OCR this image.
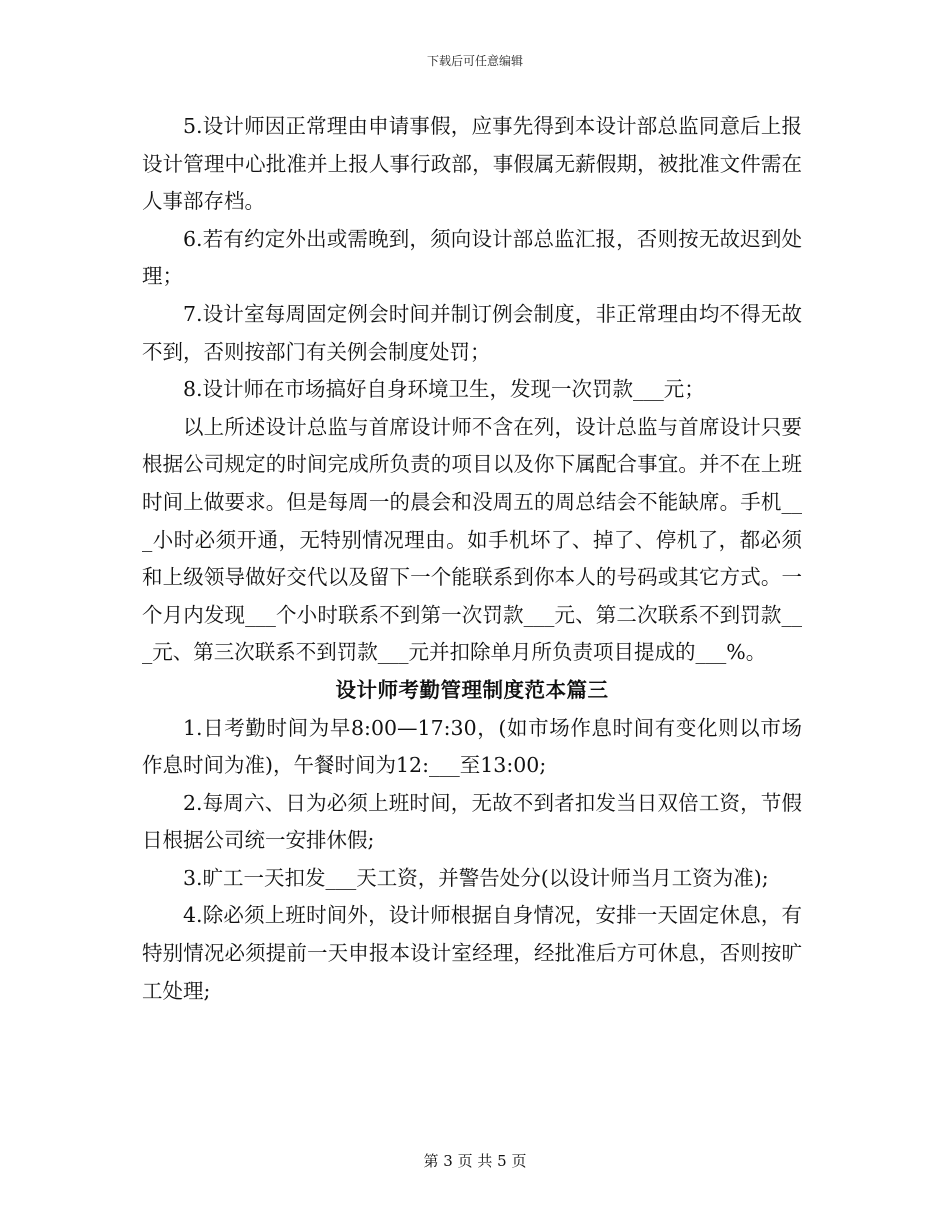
下载后可任意编辑

5.设计师因正常理由申请事假，应事先得到本设计部总监同意后上报设计管理中心批准并上报人事行政部，事假属无薪假期，被批准文件需在人事部存档。

6.若有约定外出或需晚到，须向设计部总监汇报，否则按无故迟到处理；

7.设计室每周固定例会时间并制订例会制度，非正常理由均不得无故不到，否则按部门有关例会制度处罚；

8.设计师在市场搞好自身环境卫生，发现一次罚款___元；

以上所述设计总监与首席设计师不含在列，设计总监与首席设计只要根据公司规定的时间完成所负责的项目以及你下属配合事宜。并不在上班时间上做要求。但是每周一的晨会和没周五的周总结会不能缺席。手机___小时必须开通，无特别情况理由。如手机坏了、掉了、停机了，都必须和上级领导做好交代以及留下一个能联系到你本人的号码或其它方式。一个月内发现___个小时联系不到第一次罚款___元、第二次联系不到罚款___元、第三次联系不到罚款___元并扣除单月所负责项目提成的___%。

设计师考勤管理制度范本篇三

1.日考勤时间为早8:00—17:30，(如市场作息时间有变化则以市场作息时间为准)，午餐时间为12:___至13:00;

2.每周六、日为必须上班时间，无故不到者扣发当日双倍工资，节假日根据公司统一安排休假;

3.旷工一天扣发___天工资，并警告处分(以设计师当月工资为准);

4.除必须上班时间外，设计师根据自身情况，安排一天固定休息，有特别情况必须提前一天申报本设计室经理，经批准后方可休息，否则按旷工处理;

第 3 页 共 5 页
